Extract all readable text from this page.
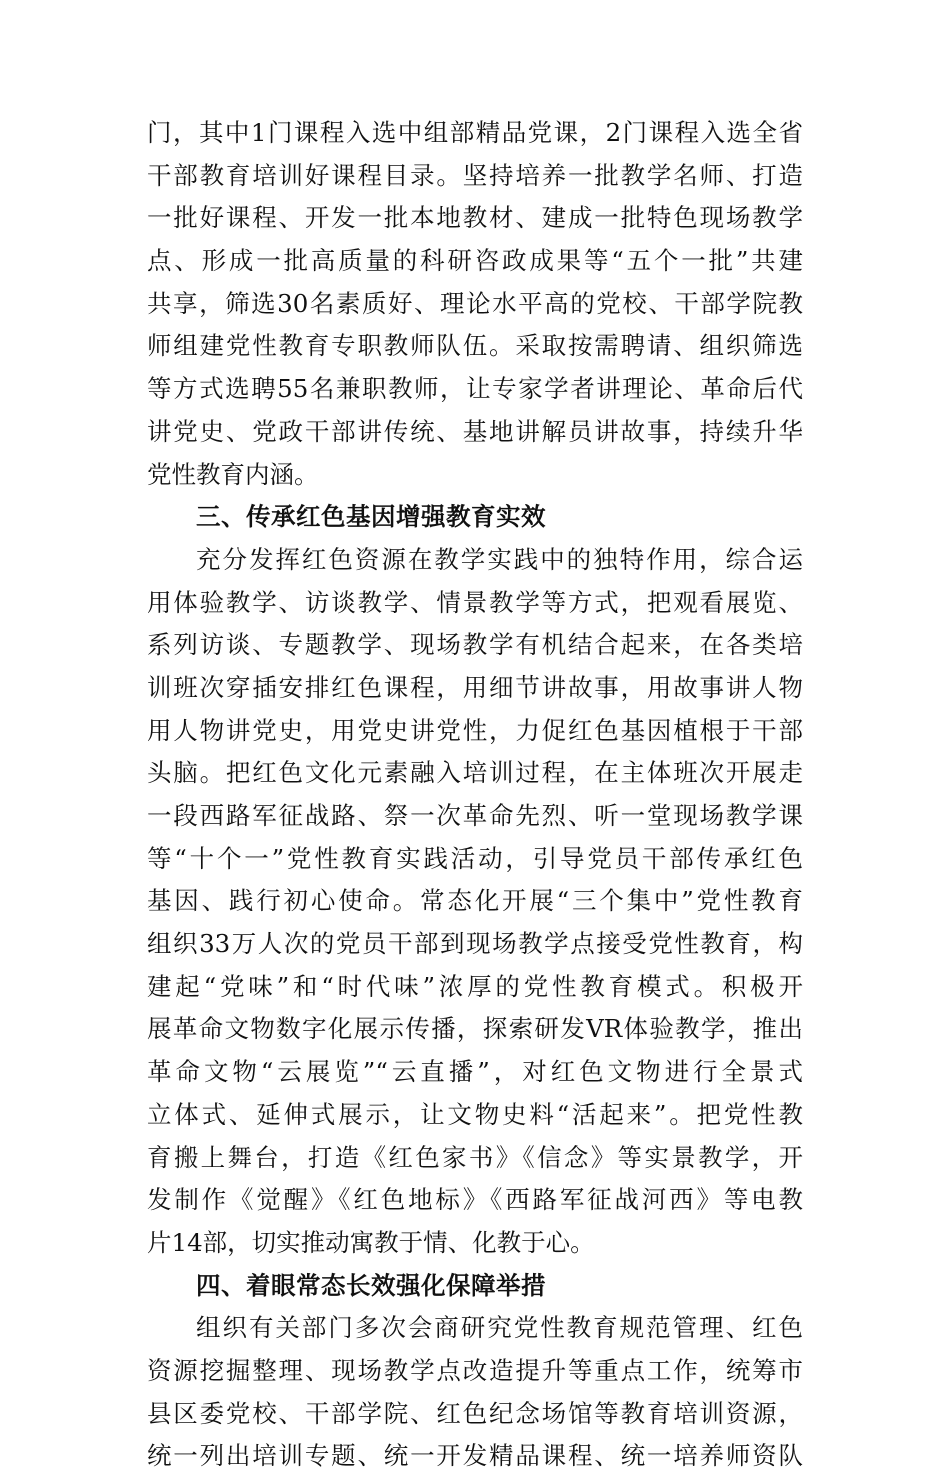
门，其中1门课程入选中组部精品党课，2门课程入选全省
干部教育培训好课程目录。坚持培养一批教学名师、打造
一批好课程、开发一批本地教材、建成一批特色现场教学
点、形成一批高质量的科研咨政成果等“五个一批”共建
共享，筛选30名素质好、理论水平高的党校、干部学院教
师组建党性教育专职教师队伍。采取按需聘请、组织筛选
等方式选聘55名兼职教师，让专家学者讲理论、革命后代
讲党史、党政干部讲传统、基地讲解员讲故事，持续升华
党性教育内涵。
三、传承红色基因增强教育实效
充分发挥红色资源在教学实践中的独特作用，综合运
用体验教学、访谈教学、情景教学等方式，把观看展览、
系列访谈、专题教学、现场教学有机结合起来，在各类培
训班次穿插安排红色课程，用细节讲故事，用故事讲人物
用人物讲党史，用党史讲党性，力促红色基因植根于干部
头脑。把红色文化元素融入培训过程，在主体班次开展走
一段西路军征战路、祭一次革命先烈、听一堂现场教学课
等“十个一”党性教育实践活动，引导党员干部传承红色
基因、践行初心使命。常态化开展“三个集中”党性教育
组织33万人次的党员干部到现场教学点接受党性教育，构
建起“党味”和“时代味”浓厚的党性教育模式。积极开
展革命文物数字化展示传播，探索研发VR体验教学，推出
革命文物“云展览”“云直播”，对红色文物进行全景式
立体式、延伸式展示，让文物史料“活起来”。把党性教
育搬上舞台，打造《红色家书》《信念》等实景教学，开
发制作《觉醒》《红色地标》《西路军征战河西》等电教
片14部，切实推动寓教于情、化教于心。
四、着眼常态长效强化保障举措
组织有关部门多次会商研究党性教育规范管理、红色
资源挖掘整理、现场教学点改造提升等重点工作，统筹市
县区委党校、干部学院、红色纪念场馆等教育培训资源，
统一列出培训专题、统一开发精品课程、统一培养师资队
